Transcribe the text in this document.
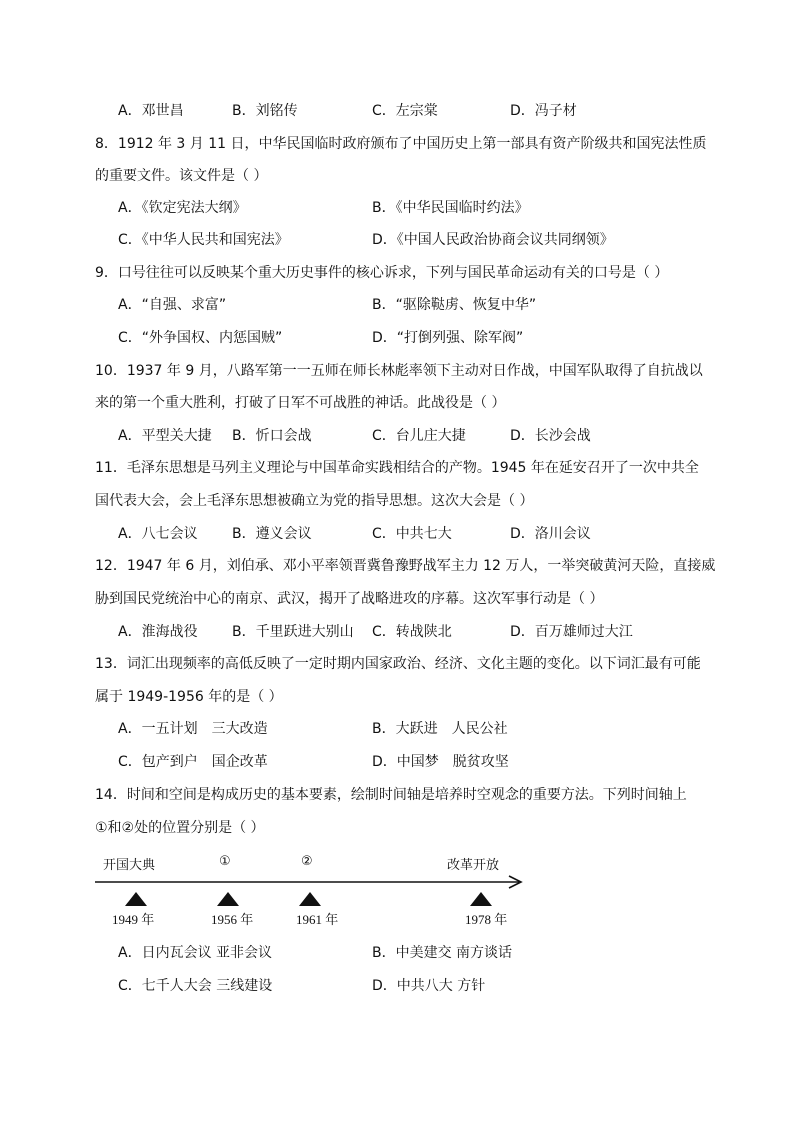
A．邓世昌	B．刘铭传	C．左宗棠	D．冯子材
8．1912 年 3 月 11 日，中华民国临时政府颁布了中国历史上第一部具有资产阶级共和国宪法性质
的重要文件。该文件是（ ）
A．《钦定宪法大纲》	B．《中华民国临时约法》
C．《中华人民共和国宪法》	D．《中国人民政治协商会议共同纲领》
9．口号往往可以反映某个重大历史事件的核心诉求，下列与国民革命运动有关的口号是（ ）
A．“自强、求富”	B．“驱除鞑虏、恢复中华”
C．“外争国权、内惩国贼”	D．“打倒列强、除军阀”
10．1937 年 9 月，八路军第一一五师在师长林彪率领下主动对日作战，中国军队取得了自抗战以
来的第一个重大胜利，打破了日军不可战胜的神话。此战役是（ ）
A．平型关大捷 B．忻口会战	C．台儿庄大捷	D．长沙会战
11．毛泽东思想是马列主义理论与中国革命实践相结合的产物。1945 年在延安召开了一次中共全
国代表大会，会上毛泽东思想被确立为党的指导思想。这次大会是（ ）
A．八七会议 B．遵义会议	C．中共七大	D．洛川会议
12．1947 年 6 月，刘伯承、邓小平率领晋冀鲁豫野战军主力 12 万人，一举突破黄河天险，直接威
胁到国民党统治中心的南京、武汉，揭开了战略进攻的序幕。这次军事行动是（ ）
A．淮海战役 B．千里跃进大别山 C．转战陕北	D．百万雄师过大江
13．词汇出现频率的高低反映了一定时期内国家政治、经济、文化主题的变化。以下词汇最有可能
属于 1949-1956 年的是（ ）
A．一五计划　三大改造	B．大跃进　人民公社
C．包产到户　国企改革	D．中国梦　脱贫攻坚
14．时间和空间是构成历史的基本要素，绘制时间轴是培养时空观念的重要方法。下列时间轴上
①和②处的位置分别是（ ）
开国大典	①	②	改革开放
1949 年	1956 年	1961 年	1978 年
A．日内瓦会议 亚非会议	B．中美建交 南方谈话
C．七千人大会 三线建设	D．中共八大 方针
